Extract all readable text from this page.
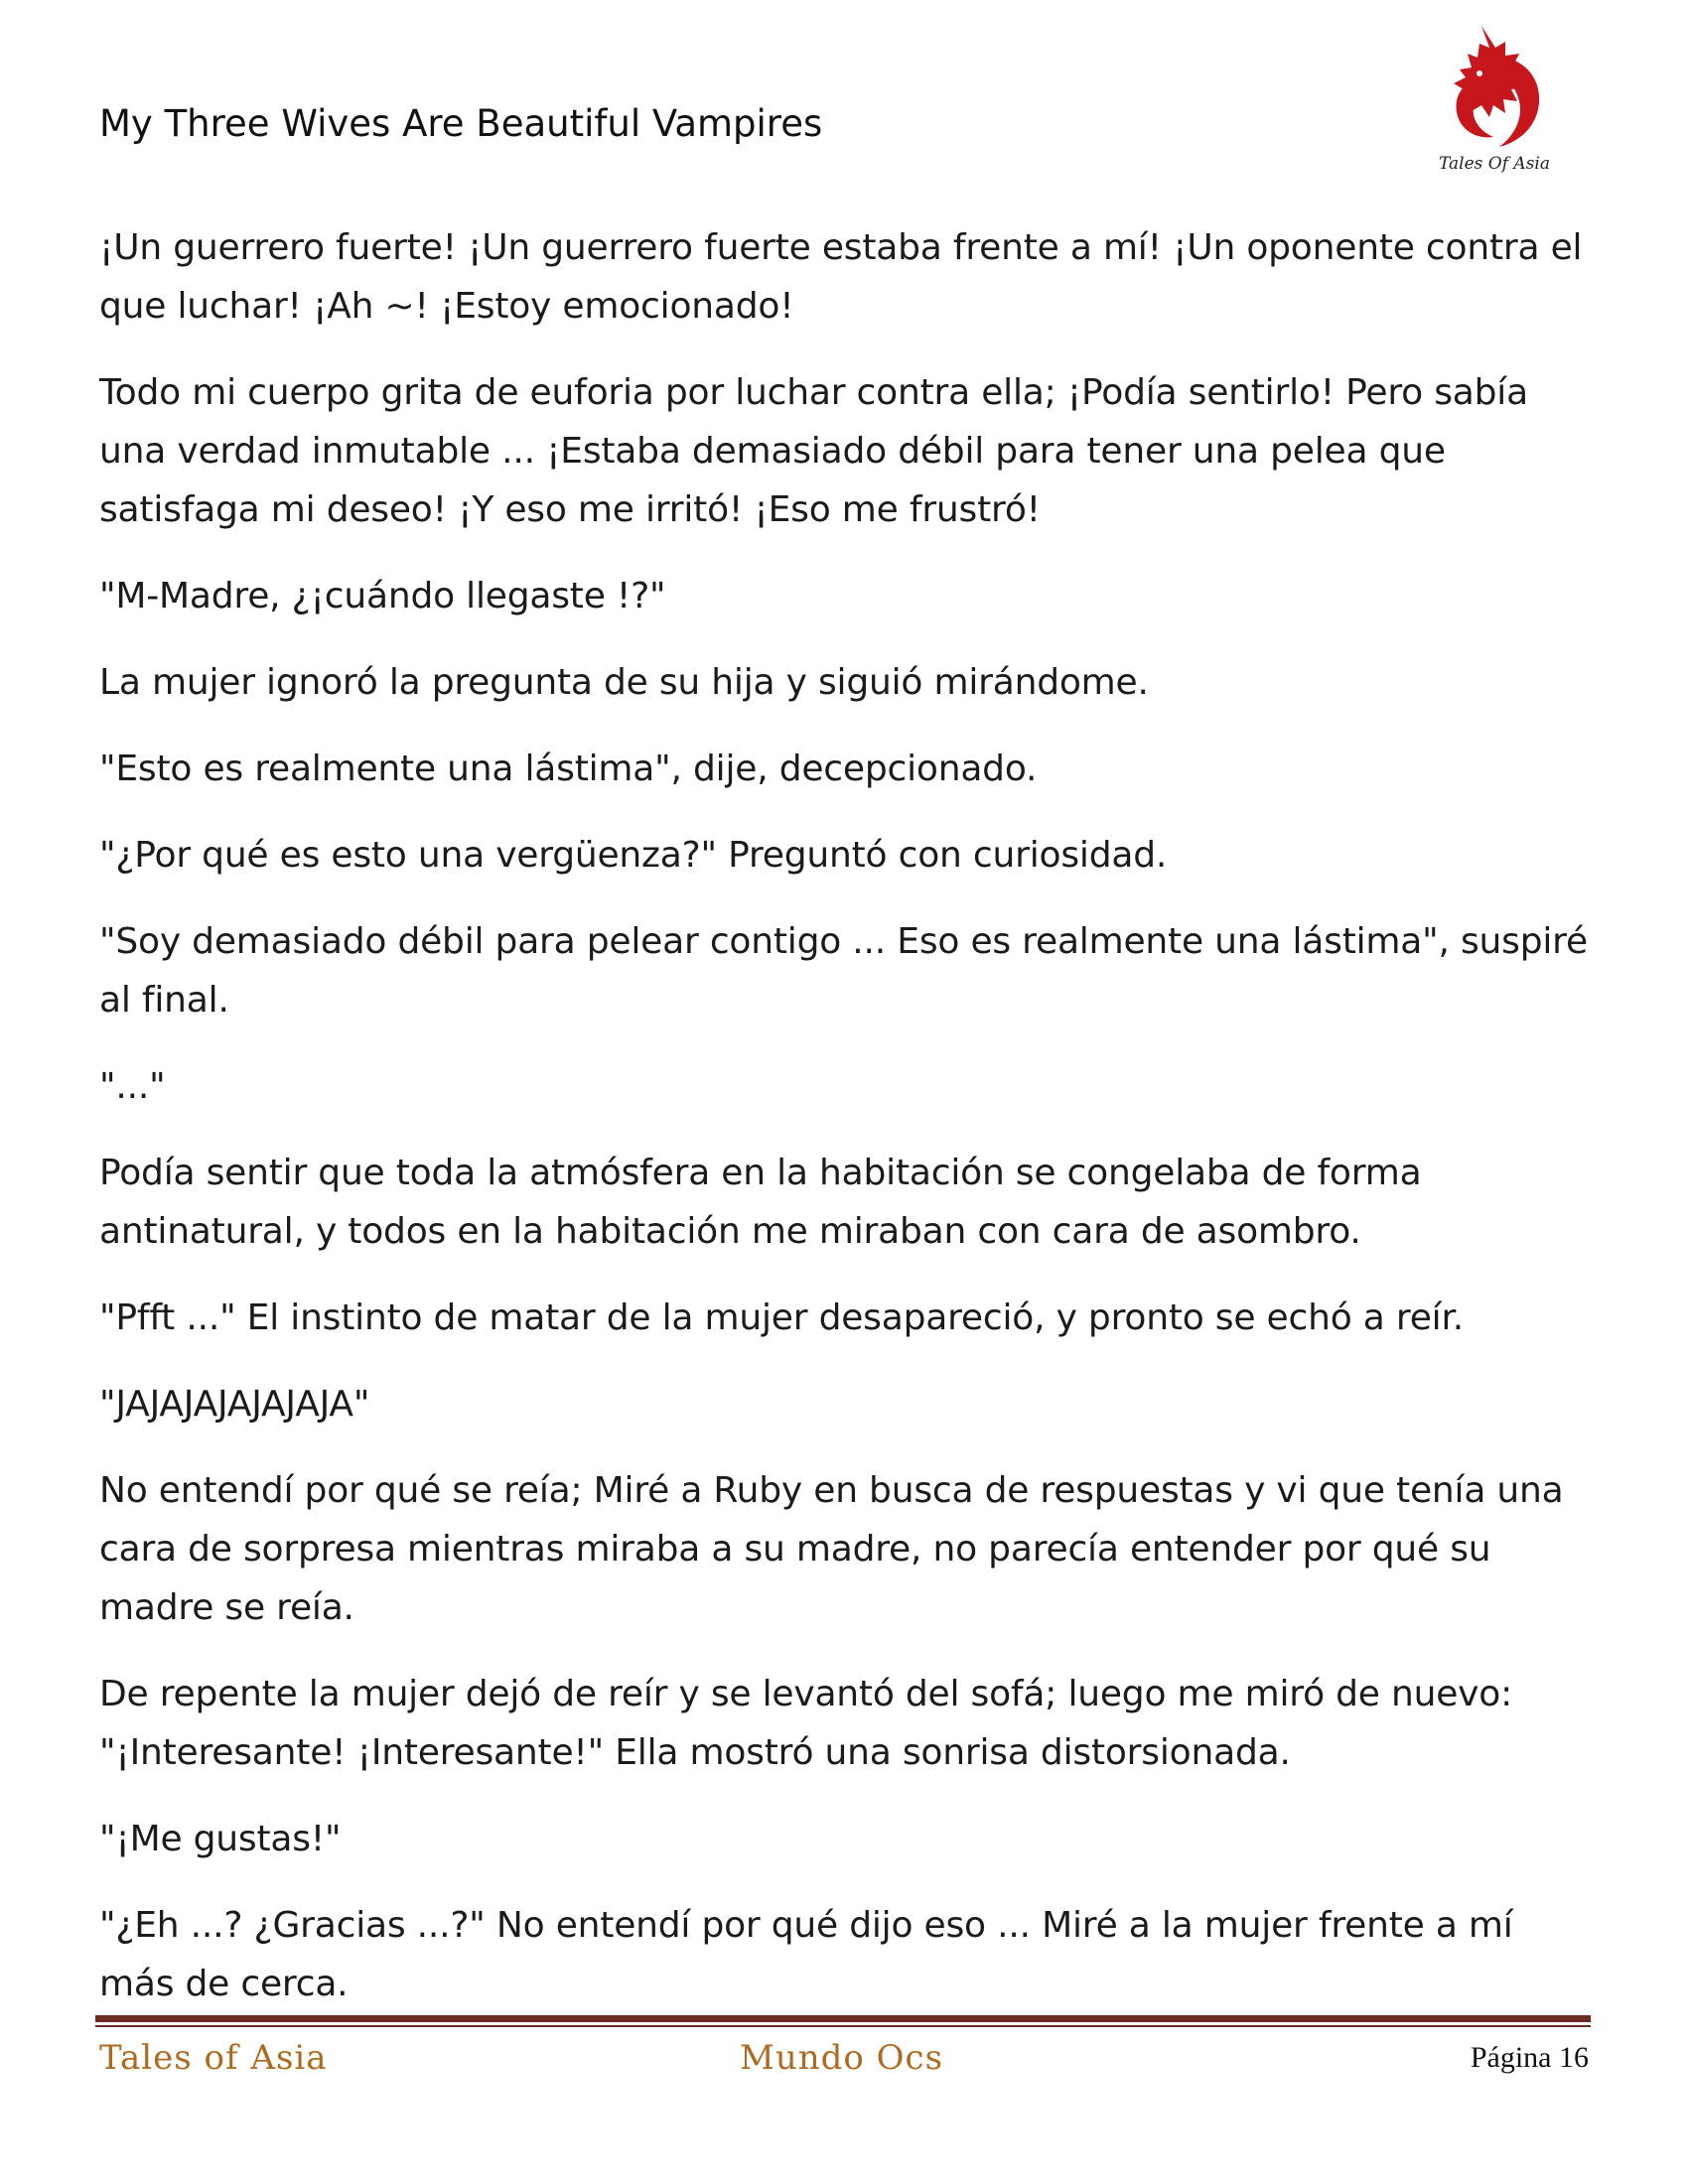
My Three Wives Are Beautiful Vampires
Tales Of Asia

¡Un guerrero fuerte! ¡Un guerrero fuerte estaba frente a mí! ¡Un oponente contra el que luchar! ¡Ah ~! ¡Estoy emocionado!

Todo mi cuerpo grita de euforia por luchar contra ella; ¡Podía sentirlo! Pero sabía una verdad inmutable ... ¡Estaba demasiado débil para tener una pelea que satisfaga mi deseo! ¡Y eso me irritó! ¡Eso me frustró!

"M-Madre, ¿¡cuándo llegaste !?"

La mujer ignoró la pregunta de su hija y siguió mirándome.

"Esto es realmente una lástima", dije, decepcionado.

"¿Por qué es esto una vergüenza?" Preguntó con curiosidad.

"Soy demasiado débil para pelear contigo ... Eso es realmente una lástima", suspiré al final.

"..."

Podía sentir que toda la atmósfera en la habitación se congelaba de forma antinatural, y todos en la habitación me miraban con cara de asombro.

"Pfft ..." El instinto de matar de la mujer desapareció, y pronto se echó a reír.

"JAJAJAJAJAJAJA"

No entendí por qué se reía; Miré a Ruby en busca de respuestas y vi que tenía una cara de sorpresa mientras miraba a su madre, no parecía entender por qué su madre se reía.

De repente la mujer dejó de reír y se levantó del sofá; luego me miró de nuevo: "¡Interesante! ¡Interesante!" Ella mostró una sonrisa distorsionada.

"¡Me gustas!"

"¿Eh ...? ¿Gracias ...?" No entendí por qué dijo eso ... Miré a la mujer frente a mí más de cerca.

Tales of Asia	Mundo Ocs	Página 16
